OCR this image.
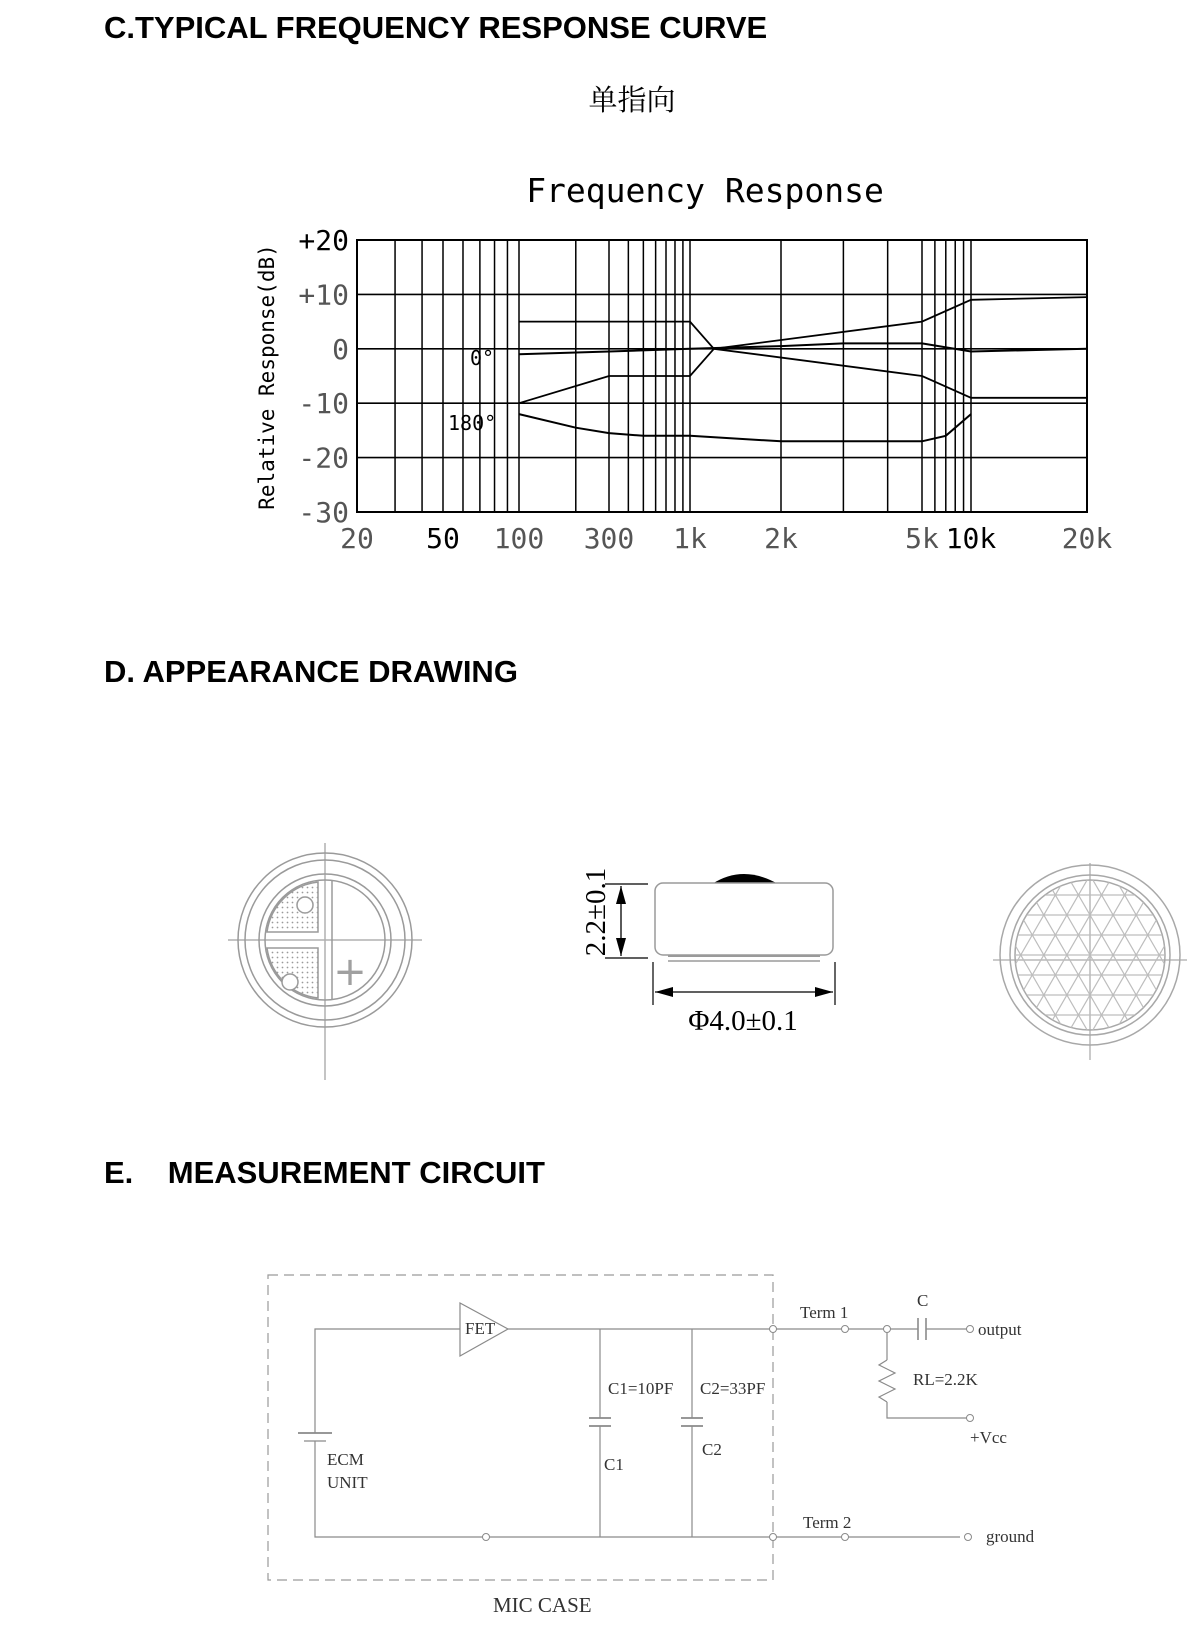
C.TYPICAL FREQUENCY RESPONSE CURVE
D. APPEARANCE DRAWING
E.    MEASUREMENT CIRCUIT
单指向
Frequency Response
Relative Response(dB)
+20
+10
0
-10
-20
-30
20 50 100 300 1k 2k	5k 10k 20k
0°
180°
+
2.2±0.1
Φ4.0±0.1
FET
ECM
UNIT
C1=10PF C2=33PF
C1
C2
Term 1
Term 2
C
RL=2.2K
output
+Vcc
ground
MIC CASE
